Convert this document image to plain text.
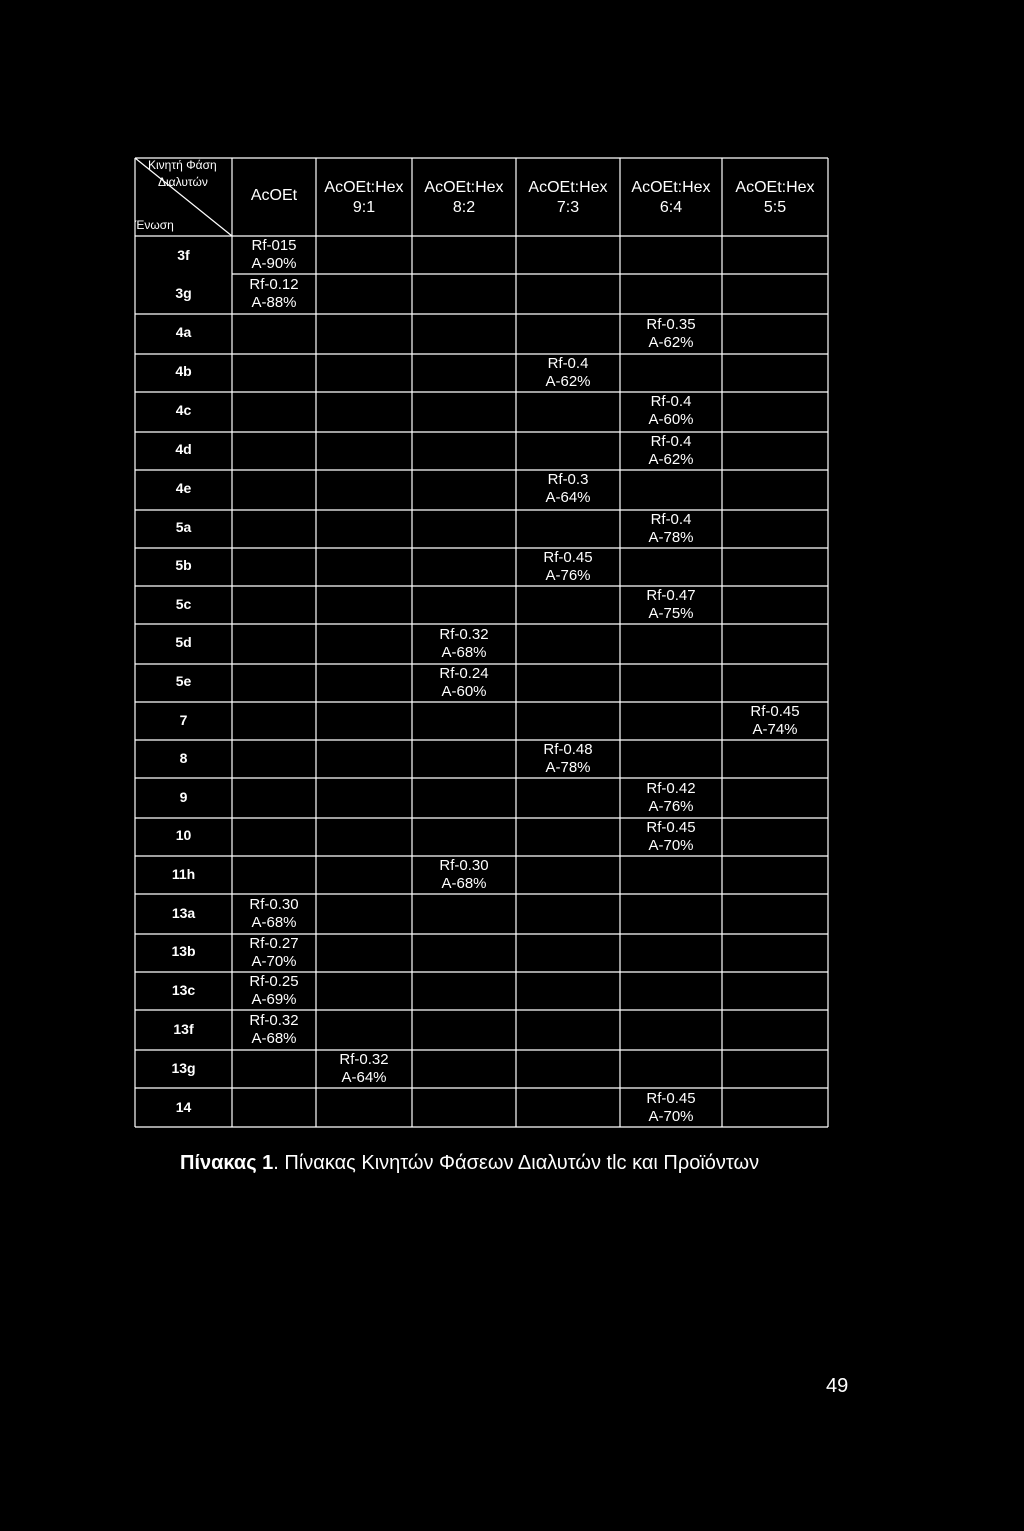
Κινητή Φάση
Διαλυτών
Ένωση
AcOEt	AcOEt:Hex
9:1
AcOEt:Hex
8:2
AcOEt:Hex
7:3
AcOEt:Hex
6:4
AcOEt:Hex
5:5
3f
3g
4a
4b
4c
4d
4e
5a
5b
5c
5d
5e
7
8
9
10
11h
13a
13b
13c
13f
13g
14
Rf-015
A-90%
Rf-0.12
A-88%
Rf-0.35
A-62%
Rf-0.4
A-62%
Rf-0.4
A-60%
Rf-0.4
A-62%
Rf-0.3
A-64%
Rf-0.4
A-78%
Rf-0.45
A-76%
Rf-0.47
A-75%
Rf-0.32
A-68%
Rf-0.24
A-60%
Rf-0.45
A-74%
Rf-0.48
A-78%
Rf-0.42
A-76%
Rf-0.45
A-70%
Rf-0.30
A-68%
Rf-0.30
A-68%
Rf-0.27
A-70%
Rf-0.25
A-69%
Rf-0.32
A-68%
Rf-0.32
A-64%
Rf-0.45
A-70%
Πίνακας 1. Πίνακας Κινητών Φάσεων Διαλυτών tlc και Προϊόντων
49
